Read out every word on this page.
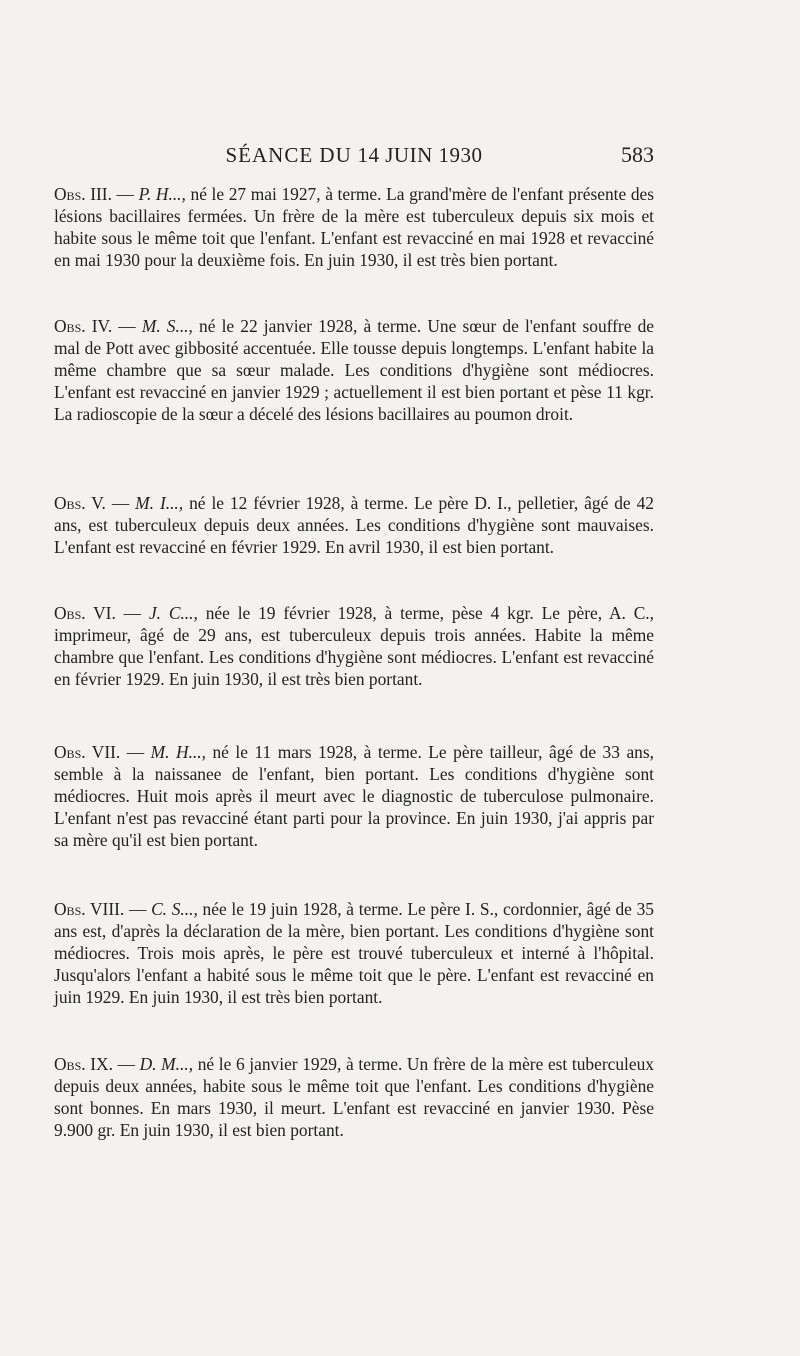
SÉANCE DU 14 JUIN 1930	583

Obs. III. — P. H..., né le 27 mai 1927, à terme. La grand'mère de l'enfant présente des lésions bacillaires fermées. Un frère de la mère est tuberculeux depuis six mois et habite sous le même toit que l'enfant. L'enfant est revacciné en mai 1928 et revacciné en mai 1930 pour la deuxième fois. En juin 1930, il est très bien portant.

Obs. IV. — M. S..., né le 22 janvier 1928, à terme. Une sœur de l'enfant souffre de mal de Pott avec gibbosité accentuée. Elle tousse depuis longtemps. L'enfant habite la même chambre que sa sœur malade. Les conditions d'hygiène sont médiocres. L'enfant est revacciné en janvier 1929 ; actuellement il est bien portant et pèse 11 kgr. La radioscopie de la sœur a décelé des lésions bacillaires au poumon droit.

Obs. V. — M. I..., né le 12 février 1928, à terme. Le père D. I., pelletier, âgé de 42 ans, est tuberculeux depuis deux années. Les conditions d'hygiène sont mauvaises. L'enfant est revacciné en février 1929. En avril 1930, il est bien portant.

Obs. VI. — J. C..., née le 19 février 1928, à terme, pèse 4 kgr. Le père, A. C., imprimeur, âgé de 29 ans, est tuberculeux depuis trois années. Habite la même chambre que l'enfant. Les conditions d'hygiène sont médiocres. L'enfant est revacciné en février 1929. En juin 1930, il est très bien portant.

Obs. VII. — M. H..., né le 11 mars 1928, à terme. Le père tailleur, âgé de 33 ans, semble à la naissanee de l'enfant, bien portant. Les conditions d'hygiène sont médiocres. Huit mois après il meurt avec le diagnostic de tuberculose pulmonaire. L'enfant n'est pas revacciné étant parti pour la province. En juin 1930, j'ai appris par sa mère qu'il est bien portant.

Obs. VIII. — C. S..., née le 19 juin 1928, à terme. Le père I. S., cordonnier, âgé de 35 ans est, d'après la déclaration de la mère, bien portant. Les conditions d'hygiène sont médiocres. Trois mois après, le père est trouvé tuberculeux et interné à l'hôpital. Jusqu'alors l'enfant a habité sous le même toit que le père. L'enfant est revacciné en juin 1929. En juin 1930, il est très bien portant.

Obs. IX. — D. M..., né le 6 janvier 1929, à terme. Un frère de la mère est tuberculeux depuis deux années, habite sous le même toit que l'enfant. Les conditions d'hygiène sont bonnes. En mars 1930, il meurt. L'enfant est revacciné en janvier 1930. Pèse 9.900 gr. En juin 1930, il est bien portant.
